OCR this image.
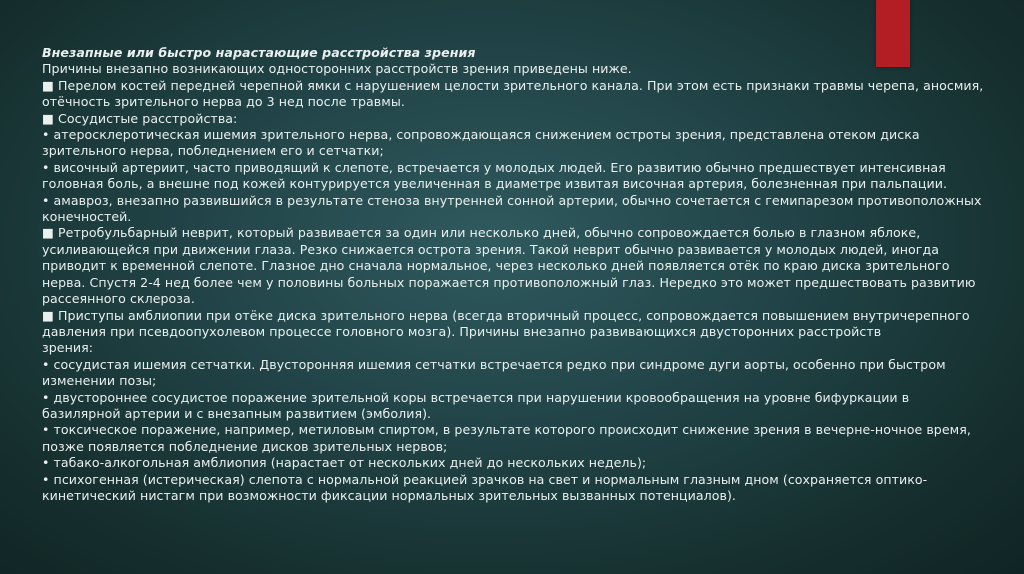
Внезапные или быстро нарастающие расстройства зрения

Причины внезапно возникающих односторонних расстройств зрения приведены ниже.

■ Перелом костей передней черепной ямки с нарушением целости зрительного канала. При этом есть признаки травмы черепа, аносмия, отёчность зрительного нерва до 3 нед после травмы.

■ Сосудистые расстройства:

• атеросклеротическая ишемия зрительного нерва, сопровождающаяся снижением остроты зрения, представлена отеком диска зрительного нерва, побледнением его и сетчатки;

• височный артериит, часто приводящий к слепоте, встречается у молодых людей. Его развитию обычно предшествует интенсивная головная боль, а внешне под кожей контурируется увеличенная в диаметре извитая височная артерия, болезненная при пальпации.

• амавроз, внезапно развившийся в результате стеноза внутренней сонной артерии, обычно сочетается с гемипарезом противоположных конечностей.

■ Ретробульбарный неврит, который развивается за один или несколько дней, обычно сопровождается болью в глазном яблоке, усиливающейся при движении глаза. Резко снижается острота зрения. Такой неврит обычно развивается у молодых людей, иногда приводит к временной слепоте. Глазное дно сначала нормальное, через несколько дней появляется отёк по краю диска зрительного нерва. Спустя 2-4 нед более чем у половины больных поражается противоположный глаз. Нередко это может предшествовать развитию рассеянного склероза.

■ Приступы амблиопии при отёке диска зрительного нерва (всегда вторичный процесс, сопровождается повышением внутричерепного давления при псевдоопухолевом процессе головного мозга). Причины внезапно развивающихся двусторонних расстройств

зрения:

• сосудистая ишемия сетчатки. Двусторонняя ишемия сетчатки встречается редко при синдроме дуги аорты, особенно при быстром изменении позы;

• двустороннее сосудистое поражение зрительной коры встречается при нарушении кровообращения на уровне бифуркации в базилярной артерии и с внезапным развитием (эмболия).

• токсическое поражение, например, метиловым спиртом, в результате которого происходит снижение зрения в вечерне-ночное время, позже появляется побледнение дисков зрительных нервов;

• табако-алкогольная амблиопия (нарастает от нескольких дней до нескольких недель);

• психогенная (истерическая) слепота с нормальной реакцией зрачков на свет и нормальным глазным дном (сохраняется оптико-кинетический нистагм при возможности фиксации нормальных зрительных вызванных потенциалов).
